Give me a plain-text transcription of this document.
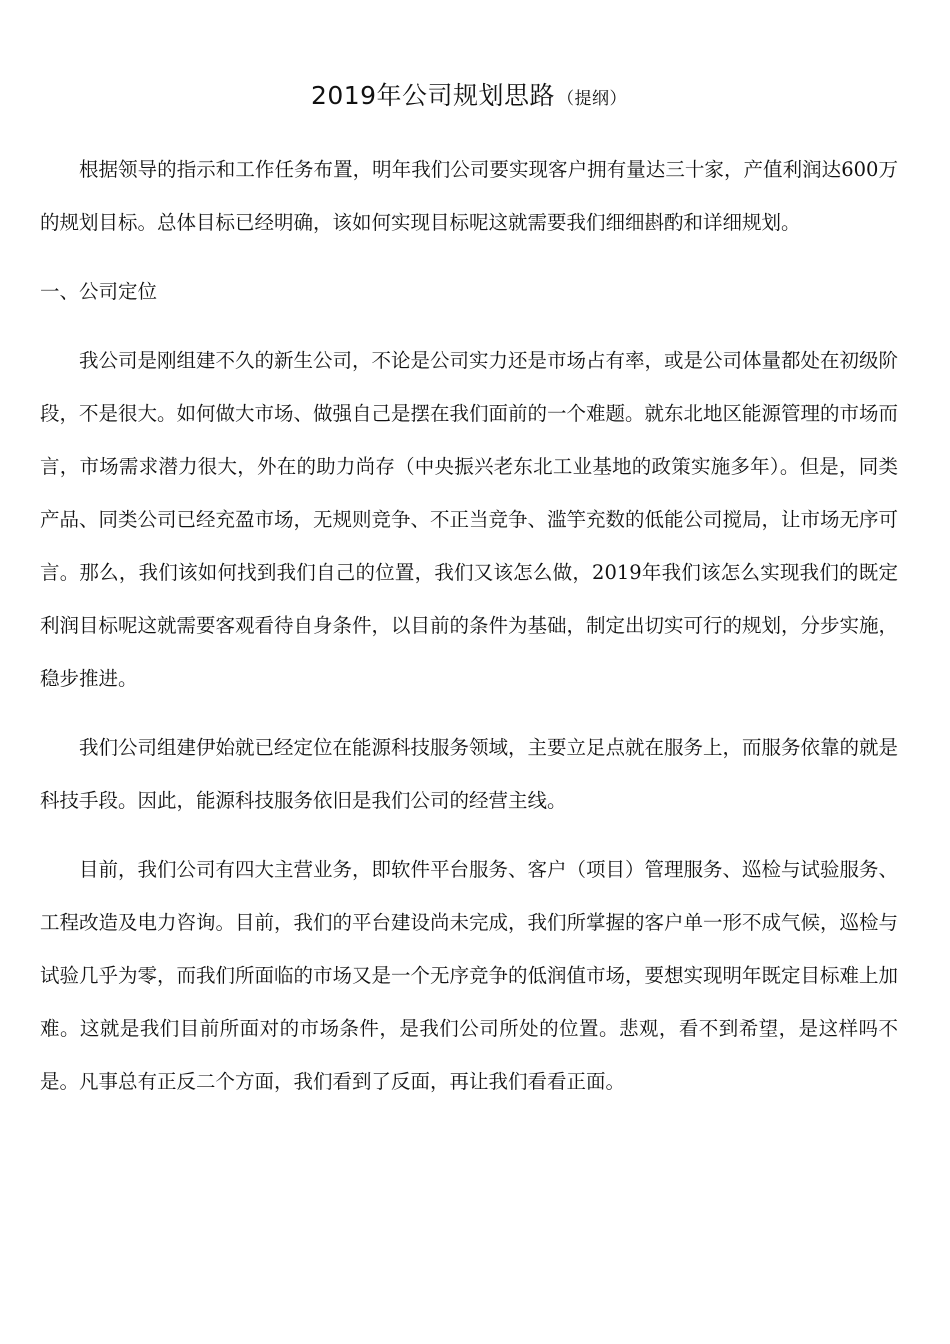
2019年公司规划思路 （提纲）

根据领导的指示和工作任务布置，明年我们公司要实现客户拥有量达三十家，产值利润达600万的规划目标。总体目标已经明确，该如何实现目标呢这就需要我们细细斟酌和详细规划。

一、公司定位

我公司是刚组建不久的新生公司，不论是公司实力还是市场占有率，或是公司体量都处在初级阶段，不是很大。如何做大市场、做强自己是摆在我们面前的一个难题。就东北地区能源管理的市场而言，市场需求潜力很大，外在的助力尚存（中央振兴老东北工业基地的政策实施多年）。但是，同类产品、同类公司已经充盈市场，无规则竞争、不正当竞争、滥竽充数的低能公司搅局，让市场无序可言。那么，我们该如何找到我们自己的位置，我们又该怎么做，2019年我们该怎么实现我们的既定利润目标呢这就需要客观看待自身条件，以目前的条件为基础，制定出切实可行的规划，分步实施，稳步推进。

我们公司组建伊始就已经定位在能源科技服务领域，主要立足点就在服务上，而服务依靠的就是科技手段。因此，能源科技服务依旧是我们公司的经营主线。

目前，我们公司有四大主营业务，即软件平台服务、客户（项目）管理服务、巡检与试验服务、工程改造及电力咨询。目前，我们的平台建设尚未完成，我们所掌握的客户单一形不成气候，巡检与试验几乎为零，而我们所面临的市场又是一个无序竞争的低润值市场，要想实现明年既定目标难上加难。这就是我们目前所面对的市场条件，是我们公司所处的位置。悲观，看不到希望，是这样吗不是。凡事总有正反二个方面，我们看到了反面，再让我们看看正面。
